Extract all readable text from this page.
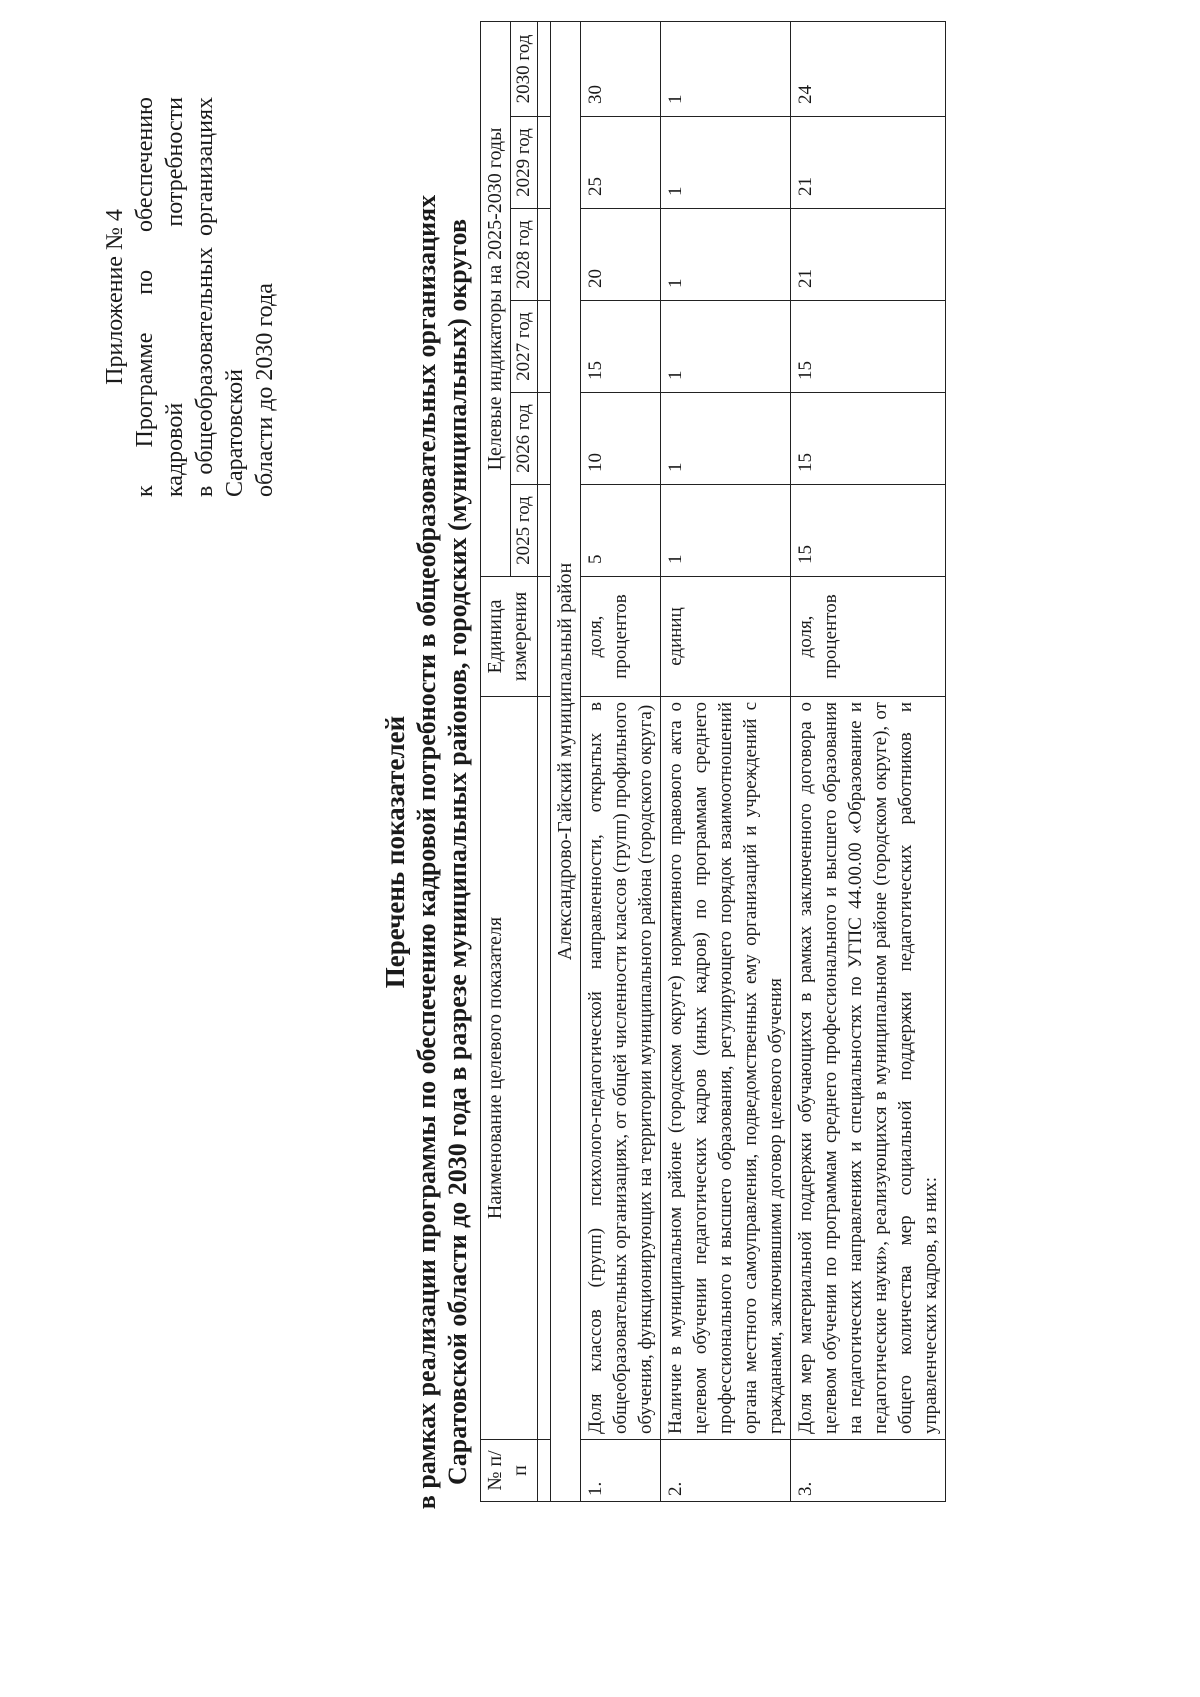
Приложение № 4 к Программе по обеспечению кадровой потребности в общеобразовательных организациях Саратовской области до 2030 года
Перечень показателей в рамках реализации программы по обеспечению кадровой потребности в общеобразовательных организациях Саратовской области до 2030 года в разрезе муниципальных районов, городских (муниципальных) округов № п/п	Наименование целевого показателя	Единица измерения	Целевые индикаторы на 2025-2030 годы					
			2025 год	2026 год	2027 год	2028 год	2029 год	2030 год

Александрово-Гайский муниципальный район								
1.	Доля классов (групп) психолого-педагогической направленности, открытых в общеобразовательных организациях, от общей численности классов (групп) профильного обучения, функционирующих на территории муниципального района (городского округа)	доля, процентов	5	10	15	20	25	30
2.	Наличие в муниципальном районе (городском округе) нормативного правового акта о целевом обучении педагогических кадров (иных кадров) по программам среднего профессионального и высшего образования, регулирующего порядок взаимоотношений органа местного самоуправления, подведомственных ему организаций и учреждений с гражданами, заключившими договор целевого обучения	единиц	1	1	1	1	1	1
3.	Доля мер материальной поддержки обучающихся в рамках заключенного договора о целевом обучении по программам среднего профессионального и высшего образования на педагогических направлениях и специальностях по УГПС 44.00.00 «Образование и педагогические науки», реализующихся в муниципальном районе (городском округе), от общего количества мер социальной поддержки педагогических работников и управленческих кадров, из них:	доля, процентов	15	15	15	21	21	24
